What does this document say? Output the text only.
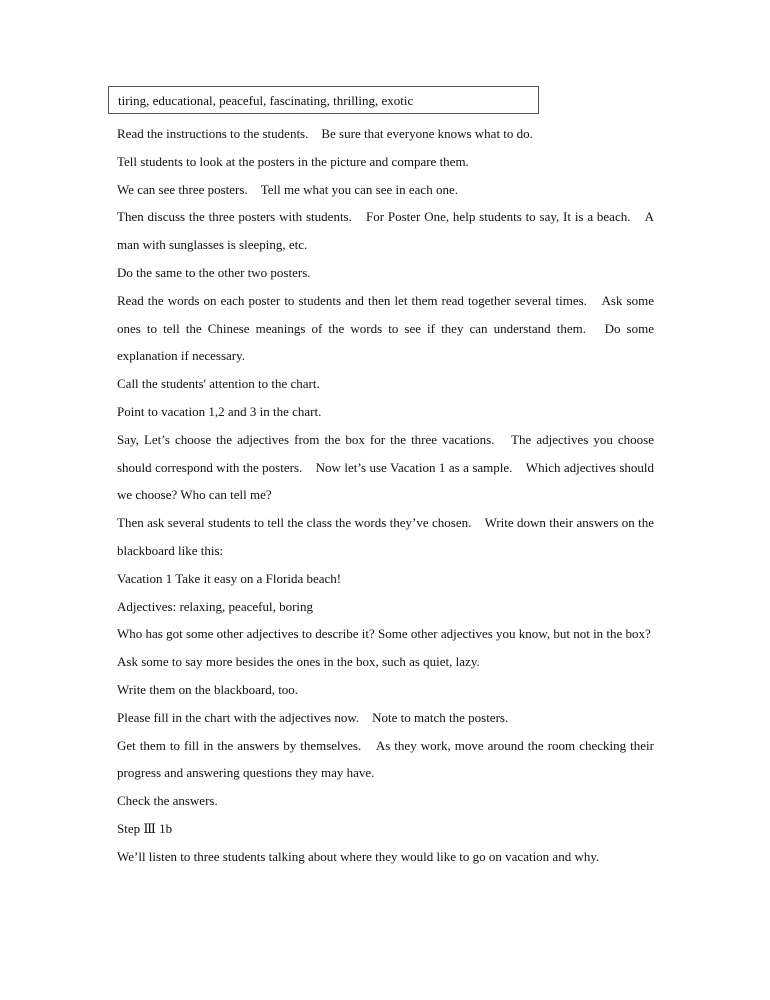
tiring, educational, peaceful, fascinating, thrilling, exotic

Read the instructions to the students.　Be sure that everyone knows what to do.

Tell students to look at the posters in the picture and compare them.

We can see three posters.　Tell me what you can see in each one.

Then discuss the three posters with students.　For Poster One, help students to say, It is a beach.　A man with sunglasses is sleeping, etc.

Do the same to the other two posters.

Read the words on each poster to students and then let them read together several times.　Ask some ones to tell the Chinese meanings of the words to see if they can understand them.　Do some explanation if necessary.

Call the students' attention to the chart.

Point to vacation 1,2 and 3 in the chart.

Say, Let’s choose the adjectives from the box for the three vacations.　The adjectives you choose should correspond with the posters.　Now let’s use Vacation 1 as a sample.　Which adjectives should we choose? Who can tell me?

Then ask several students to tell the class the words they’ve chosen.　Write down their answers on the blackboard like this:

Vacation 1 Take it easy on a Florida beach!

Adjectives: relaxing, peaceful, boring

Who has got some other adjectives to describe it? Some other adjectives you know, but not in the box?

Ask some to say more besides the ones in the box, such as quiet, lazy.

Write them on the blackboard, too.

Please fill in the chart with the adjectives now.　Note to match the posters.

Get them to fill in the answers by themselves.　As they work, move around the room checking their progress and answering questions they may have.

Check the answers.

Step Ⅲ 1b

We’ll listen to three students talking about where they would like to go on vacation and why.
